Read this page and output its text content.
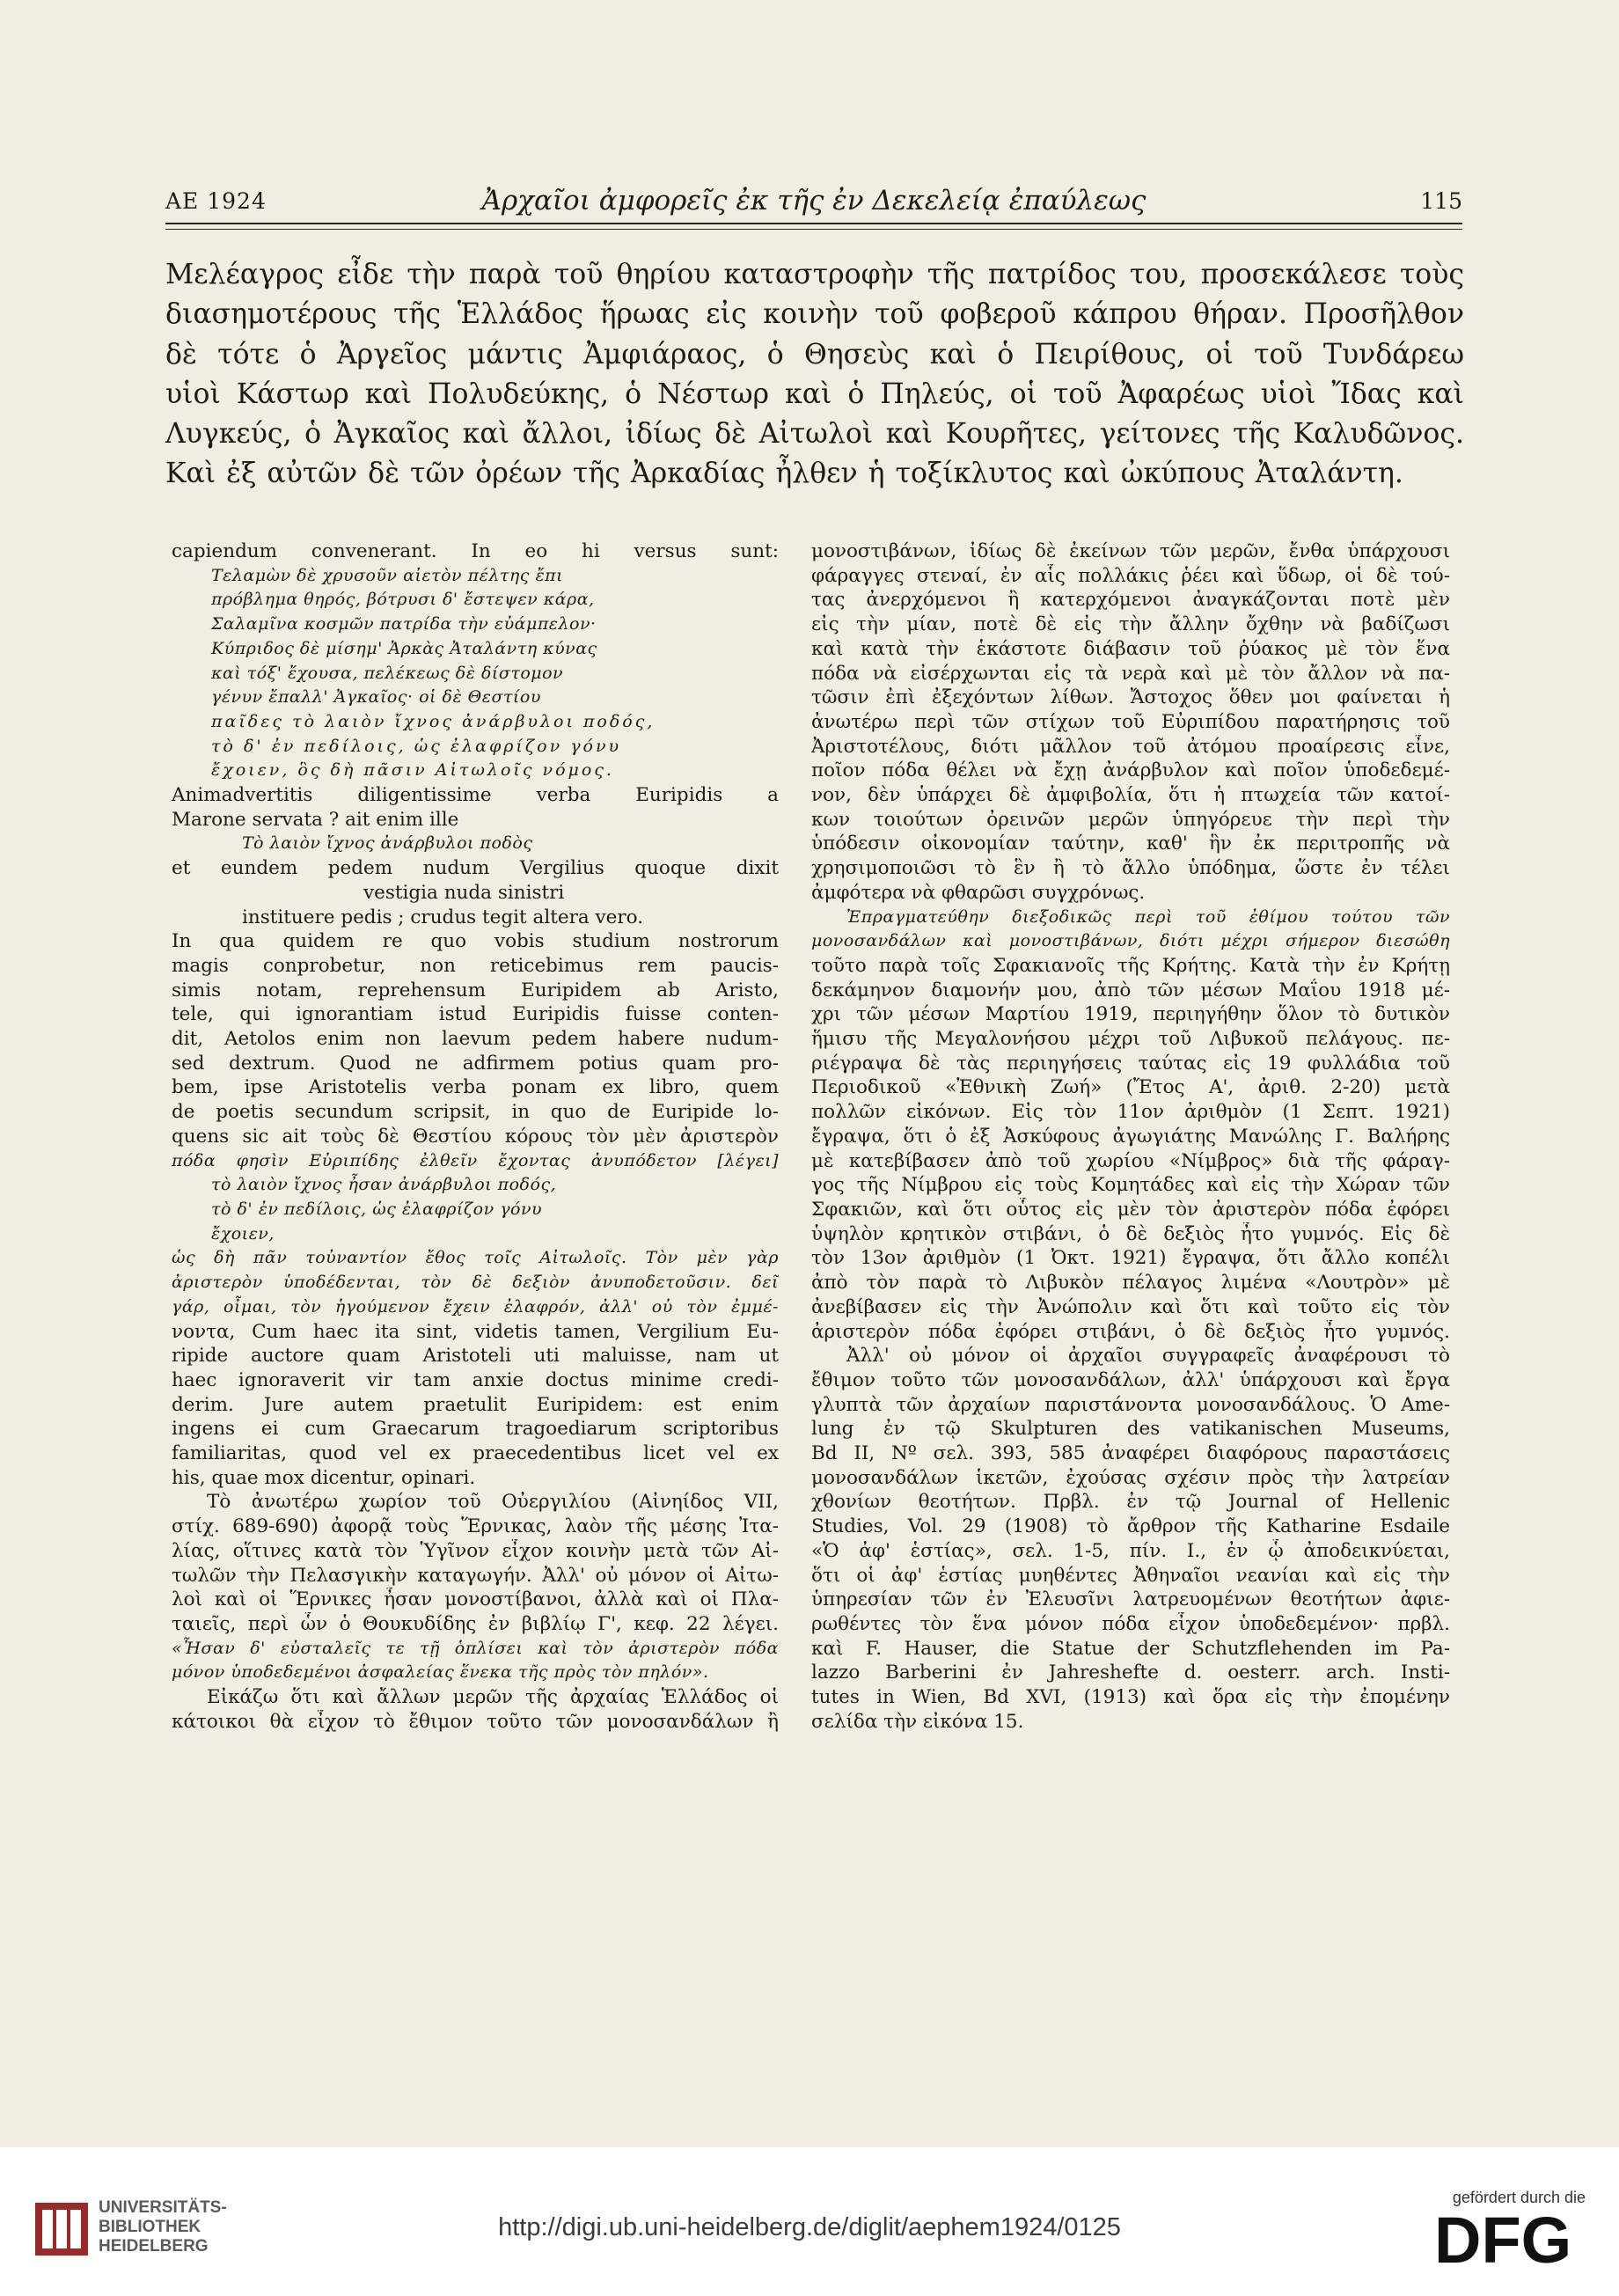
ΑΕ 1924	Ἀρχαῖοι ἀμφορεῖς ἐκ τῆς ἐν Δεκελείᾳ ἐπαύλεως	115
Μελέαγρος εἶδε τὴν παρὰ τοῦ θηρίου καταστροφὴν τῆς πατρίδος του, προσεκάλεσε τοὺς
διασημοτέρους τῆς Ἑλλάδος ἥρωας εἰς κοινὴν τοῦ φοβεροῦ κάπρου θήραν. Προσῆλθον
δὲ τότε ὁ Ἀργεῖος μάντις Ἀμφιάραος, ὁ Θησεὺς καὶ ὁ Πειρίθους, οἱ τοῦ Τυνδάρεω
υἱοὶ Κάστωρ καὶ Πολυδεύκης, ὁ Νέστωρ καὶ ὁ Πηλεύς, οἱ τοῦ Ἀφαρέως υἱοὶ Ἴδας καὶ
Λυγκεύς, ὁ Ἀγκαῖος καὶ ἄλλοι, ἰδίως δὲ Αἰτωλοὶ καὶ Κουρῆτες, γείτονες τῆς Καλυδῶνος.
Καὶ ἐξ αὐτῶν δὲ τῶν ὀρέων τῆς Ἀρκαδίας ἦλθεν ἡ τοξίκλυτος καὶ ὠκύπους Ἀταλάντη.
capiendum convenerant. In eo hi versus sunt:
Τελαμὼν δὲ χρυσοῦν αἰετὸν πέλτης ἔπι
πρόβλημα θηρός, βότρυσι δ' ἔστεψεν κάρα,
Σαλαμῖνα κοσμῶν πατρίδα τὴν εὐάμπελον·
Κύπριδος δὲ μίσημ' Ἀρκὰς Ἀταλάντη κύνας
καὶ τόξ' ἔχουσα, πελέκεως δὲ δίστομον
γένυν ἔπαλλ' Ἀγκαῖος· οἱ δὲ Θεστίου
παῖδες τὸ λαιὸν ἴχνος ἀνάρβυλοι ποδός,
τὸ δ' ἐν πεδίλοις, ὡς ἐλαφρίζον γόνυ
ἔχοιεν, ὃς δὴ πᾶσιν Αἰτωλοῖς νόμος.
Animadvertitis diligentissime verba Euripidis a
Marone servata ? ait enim ille
Τὸ λαιὸν ἴχνος ἀνάρβυλοι ποδὸς
et eundem pedem nudum Vergilius quoque dixit
vestigia nuda sinistri
instituere pedis ; crudus tegit altera vero.
In qua quidem re quo vobis studium nostrorum
magis conprobetur, non reticebimus rem paucis-
simis notam, reprehensum Euripidem ab Aristo,
tele, qui ignorantiam istud Euripidis fuisse conten-
dit, Aetolos enim non laevum pedem habere nudum-
sed dextrum. Quod ne adfirmem potius quam pro-
bem, ipse Aristotelis verba ponam ex libro, quem
de poetis secundum scripsit, in quo de Euripide lo-
quens sic ait τοὺς δὲ Θεστίου κόρους τὸν μὲν ἀριστερὸν
πόδα φησὶν Εὐριπίδης ἐλθεῖν ἔχοντας ἀνυπόδετον [λέγει]
τὸ λαιὸν ἴχνος ἦσαν ἀνάρβυλοι ποδός,
τὸ δ' ἐν πεδίλοις, ὡς ἐλαφρίζον γόνυ
ἔχοιεν,
ὡς δὴ πᾶν τοὐναντίον ἔθος τοῖς Αἰτωλοῖς. Τὸν μὲν γὰρ
ἀριστερὸν ὑποδέδενται, τὸν δὲ δεξιὸν ἀνυποδετοῦσιν. δεῖ
γάρ, οἶμαι, τὸν ἡγούμενον ἔχειν ἐλαφρόν, ἀλλ' οὐ τὸν ἐμμέ-
νοντα, Cum haec ita sint, videtis tamen, Vergilium Eu-
ripide auctore quam Aristoteli uti maluisse, nam ut
haec ignoraverit vir tam anxie doctus minime credi-
derim. Jure autem praetulit Euripidem: est enim
ingens ei cum Graecarum tragoediarum scriptoribus
familiaritas, quod vel ex praecedentibus licet vel ex
his, quae mox dicentur, opinari.
Τὸ ἀνωτέρω χωρίον τοῦ Οὐεργιλίου (Αἰνηίδος VII,
στίχ. 689-690) ἀφορᾷ τοὺς Ἕρνικας, λαὸν τῆς μέσης Ἰτα-
λίας, οἵτινες κατὰ τὸν Ὑγῖνον εἶχον κοινὴν μετὰ τῶν Αἰ-
τωλῶν τὴν Πελασγικὴν καταγωγήν. Ἀλλ' οὐ μόνον οἱ Αἰτω-
λοὶ καὶ οἱ Ἕρνικες ἦσαν μονοστίβανοι, ἀλλὰ καὶ οἱ Πλα-
ταιεῖς, περὶ ὧν ὁ Θουκυδίδης ἐν βιβλίῳ Γ', κεφ. 22 λέγει.
«Ἦσαν δ' εὐσταλεῖς τε τῇ ὁπλίσει καὶ τὸν ἀριστερὸν πόδα
μόνον ὑποδεδεμένοι ἀσφαλείας ἕνεκα τῆς πρὸς τὸν πηλόν».
Εἰκάζω ὅτι καὶ ἄλλων μερῶν τῆς ἀρχαίας Ἑλλάδος οἱ
κάτοικοι θὰ εἶχον τὸ ἔθιμον τοῦτο τῶν μονοσανδάλων ἢ
μονοστιβάνων, ἰδίως δὲ ἐκείνων τῶν μερῶν, ἔνθα ὑπάρχουσι
φάραγγες στεναί, ἐν αἷς πολλάκις ῥέει καὶ ὕδωρ, οἱ δὲ τού-
τας ἀνερχόμενοι ἢ κατερχόμενοι ἀναγκάζονται ποτὲ μὲν
εἰς τὴν μίαν, ποτὲ δὲ εἰς τὴν ἄλλην ὄχθην νὰ βαδίζωσι
καὶ κατὰ τὴν ἑκάστοτε διάβασιν τοῦ ῥύακος μὲ τὸν ἕνα
πόδα νὰ εἰσέρχωνται εἰς τὰ νερὰ καὶ μὲ τὸν ἄλλον νὰ πα-
τῶσιν ἐπὶ ἐξεχόντων λίθων. Ἄστοχος ὅθεν μοι φαίνεται ἡ
ἀνωτέρω περὶ τῶν στίχων τοῦ Εὐριπίδου παρατήρησις τοῦ
Ἀριστοτέλους, διότι μᾶλλον τοῦ ἀτόμου προαίρεσις εἶνε,
ποῖον πόδα θέλει νὰ ἔχῃ ἀνάρβυλον καὶ ποῖον ὑποδεδεμέ-
νον, δὲν ὑπάρχει δὲ ἀμφιβολία, ὅτι ἡ πτωχεία τῶν κατοί-
κων τοιούτων ὀρεινῶν μερῶν ὑπηγόρευε τὴν περὶ τὴν
ὑπόδεσιν οἰκονομίαν ταύτην, καθ' ἣν ἐκ περιτροπῆς νὰ
χρησιμοποιῶσι τὸ ἓν ἢ τὸ ἄλλο ὑπόδημα, ὥστε ἐν τέλει
ἀμφότερα νὰ φθαρῶσι συγχρόνως.
Ἐπραγματεύθην διεξοδικῶς περὶ τοῦ ἐθίμου τούτου τῶν
μονοσανδάλων καὶ μονοστιβάνων, διότι μέχρι σήμερον διεσώθη
τοῦτο παρὰ τοῖς Σφακιανοῖς τῆς Κρήτης. Κατὰ τὴν ἐν Κρήτῃ
δεκάμηνον διαμονήν μου, ἀπὸ τῶν μέσων Μαΐου 1918 μέ-
χρι τῶν μέσων Μαρτίου 1919, περιηγήθην ὅλον τὸ δυτικὸν
ἥμισυ τῆς Μεγαλονήσου μέχρι τοῦ Λιβυκοῦ πελάγους. πε-
ριέγραψα δὲ τὰς περιηγήσεις ταύτας εἰς 19 φυλλάδια τοῦ
Περιοδικοῦ «Ἐθνικὴ Ζωή» (Ἔτος Α', ἀριθ. 2-20) μετὰ
πολλῶν εἰκόνων. Εἰς τὸν 11ον ἀριθμὸν (1 Σεπτ. 1921)
ἔγραψα, ὅτι ὁ ἐξ Ἀσκύφους ἀγωγιάτης Μανώλης Γ. Βαλήρης
μὲ κατεβίβασεν ἀπὸ τοῦ χωρίου «Νίμβρος» διὰ τῆς φάραγ-
γος τῆς Νίμβρου εἰς τοὺς Κομητάδες καὶ εἰς τὴν Χώραν τῶν
Σφακιῶν, καὶ ὅτι οὗτος εἰς μὲν τὸν ἀριστερὸν πόδα ἐφόρει
ὑψηλὸν κρητικὸν στιβάνι, ὁ δὲ δεξιὸς ἦτο γυμνός. Εἰς δὲ
τὸν 13ον ἀριθμὸν (1 Ὀκτ. 1921) ἔγραψα, ὅτι ἄλλο κοπέλι
ἀπὸ τὸν παρὰ τὸ Λιβυκὸν πέλαγος λιμένα «Λουτρὸν» μὲ
ἀνεβίβασεν εἰς τὴν Ἀνώπολιν καὶ ὅτι καὶ τοῦτο εἰς τὸν
ἀριστερὸν πόδα ἐφόρει στιβάνι, ὁ δὲ δεξιὸς ἦτο γυμνός.
Ἀλλ' οὐ μόνον οἱ ἀρχαῖοι συγγραφεῖς ἀναφέρουσι τὸ
ἔθιμον τοῦτο τῶν μονοσανδάλων, ἀλλ' ὑπάρχουσι καὶ ἔργα
γλυπτὰ τῶν ἀρχαίων παριστάνοντα μονοσανδάλους. Ὁ Ame-
lung ἐν τῷ Skulpturen des vatikanischen Museums,
Bd II, Nº σελ. 393, 585 ἀναφέρει διαφόρους παραστάσεις
μονοσανδάλων ἱκετῶν, ἐχούσας σχέσιν πρὸς τὴν λατρείαν
χθονίων θεοτήτων. Πρβλ. ἐν τῷ Journal of Hellenic
Studies, Vol. 29 (1908) τὸ ἄρθρον τῆς Katharine Esdaile
«Ὁ ἀφ' ἑστίας», σελ. 1-5, πίν. I., ἐν ᾧ ἀποδεικνύεται,
ὅτι οἱ ἀφ' ἑστίας μυηθέντες Ἀθηναῖοι νεανίαι καὶ εἰς τὴν
ὑπηρεσίαν τῶν ἐν Ἐλευσῖνι λατρευομένων θεοτήτων ἀφιε-
ρωθέντες τὸν ἕνα μόνον πόδα εἶχον ὑποδεδεμένον· πρβλ.
καὶ F. Hauser, die Statue der Schutzflehenden im Pa-
lazzo Barberini ἐν Jahreshefte d. oesterr. arch. Insti-
tutes in Wien, Bd XVI, (1913) καὶ ὅρα εἰς τὴν ἐπομένην
σελίδα τὴν εἰκόνα 15.
UNIVERSITÄTS-
BIBLIOTHEK
HEIDELBERG
http://digi.ub.uni-heidelberg.de/diglit/aephem1924/0125
gefördert durch die
DFG
